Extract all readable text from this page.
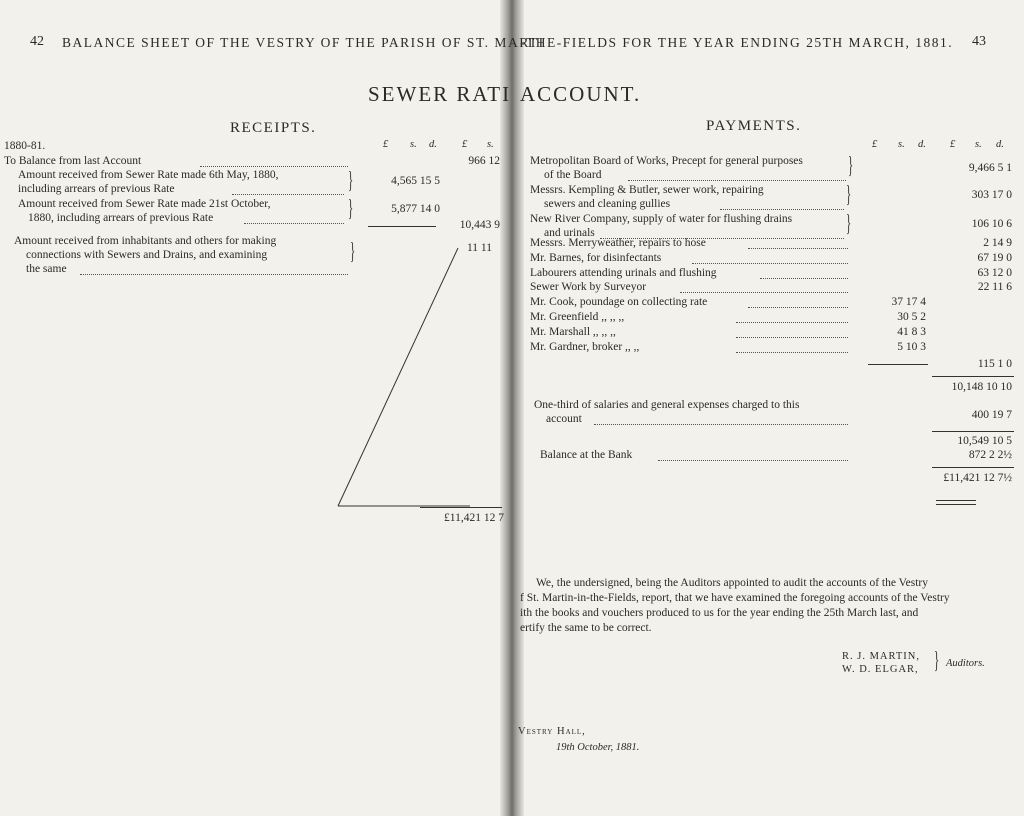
42 BALANCE SHEET OF THE VESTRY OF THE PARISH OF ST. MARTI
-THE-FIELDS FOR THE YEAR ENDING 25TH MARCH, 1881. 43
SEWER RATI ACCOUNT.
RECEIPTS.
1880-81.	£ s. d. £ s.
To Balance from last Account	966 12
Amount received from Sewer Rate made 6th May, 1880,
including arrears of previous Rate	}	4,565 15 5
Amount received from Sewer Rate made 21st October,
1880, including arrears of previous Rate	}	5,877 14 0
10,443 9
Amount received from inhabitants and others for making
connections with Sewers and Drains, and examining
the same
}	11 11
£11,421 12 7
PAYMENTS.
£ s. d. £ s. d.
Metropolitan Board of Works, Precept for general purposes
of the Board	}	9,466 5 1
Messrs. Kempling & Butler, sewer work, repairing
sewers and cleaning gullies	}	303 17 0
New River Company, supply of water for flushing drains
and urinals	}	106 10 6
Messrs. Merryweather, repairs to hose	2 14 9
Mr. Barnes, for disinfectants	67 19 0
Labourers attending urinals and flushing	63 12 0
Sewer Work by Surveyor	22 11 6
Mr. Cook, poundage on collecting rate	37 17 4
Mr. Greenfield ,, ,, ,,	30 5 2
Mr. Marshall ,, ,, ,,	41 8 3
Mr. Gardner, broker ,, ,,	5 10 3
115 1 0
10,148 10 10
One-third of salaries and general expenses charged to this
account	400 19 7
10,549 10 5
Balance at the Bank	872 2 2½
£11,421 12 7½
We, the undersigned, being the Auditors appointed to audit the accounts of the Vestry
f St. Martin-in-the-Fields, report, that we have examined the foregoing accounts of the Vestry
ith the books and vouchers produced to us for the year ending the 25th March last, and
ertify the same to be correct.
R. J. MARTIN,
W. D. ELGAR, } Auditors.
Vestry Hall,
19th October, 1881.
